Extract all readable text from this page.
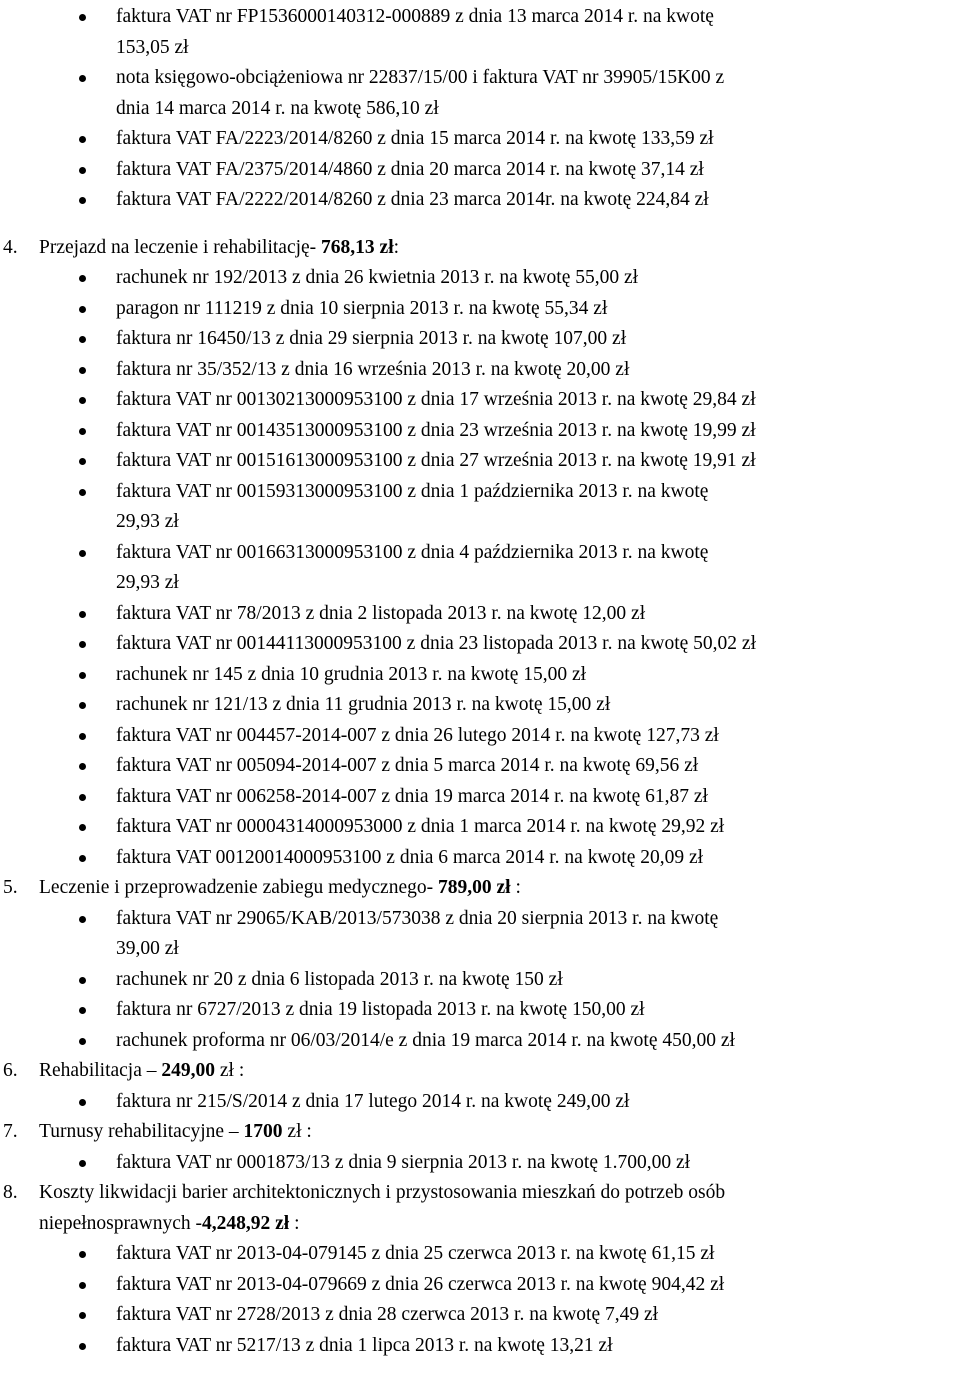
faktura VAT nr FP1536000140312-000889 z dnia 13 marca 2014 r. na kwotę
153,05 zł
nota księgowo-obciążeniowa nr 22837/15/00 i faktura VAT nr 39905/15K00 z
dnia 14 marca 2014 r. na kwotę 586,10 zł
faktura VAT FA/2223/2014/8260 z dnia 15 marca 2014 r. na kwotę 133,59 zł
faktura VAT FA/2375/2014/4860 z dnia 20 marca 2014 r. na kwotę 37,14 zł
faktura VAT FA/2222/2014/8260 z dnia 23 marca 2014r. na kwotę 224,84 zł
4. Przejazd na leczenie i rehabilitację- 768,13 zł:
rachunek nr 192/2013 z dnia 26 kwietnia 2013 r. na kwotę 55,00 zł
paragon nr 111219 z dnia 10 sierpnia 2013 r. na kwotę 55,34 zł
faktura nr 16450/13 z dnia 29 sierpnia 2013 r. na kwotę 107,00 zł
faktura nr 35/352/13 z dnia 16 września 2013 r. na kwotę 20,00 zł
faktura VAT nr 00130213000953100 z dnia 17 września 2013 r. na kwotę 29,84 zł
faktura VAT nr 00143513000953100 z dnia 23 września 2013 r. na kwotę 19,99 zł
faktura VAT nr 00151613000953100 z dnia 27 września 2013 r. na kwotę 19,91 zł
faktura VAT nr 00159313000953100 z dnia 1 października 2013 r. na kwotę
29,93 zł
faktura VAT nr 00166313000953100 z dnia 4 października 2013 r. na kwotę
29,93 zł
faktura VAT nr 78/2013 z dnia 2 listopada 2013 r. na kwotę 12,00 zł
faktura VAT nr 00144113000953100 z dnia 23 listopada 2013 r. na kwotę 50,02 zł
rachunek nr 145 z dnia 10 grudnia 2013 r. na kwotę 15,00 zł
rachunek nr 121/13 z dnia 11 grudnia 2013 r. na kwotę 15,00 zł
faktura VAT nr 004457-2014-007 z dnia 26 lutego 2014 r. na kwotę 127,73 zł
faktura VAT nr 005094-2014-007 z dnia 5 marca 2014 r. na kwotę 69,56 zł
faktura VAT nr 006258-2014-007 z dnia 19 marca 2014 r. na kwotę 61,87 zł
faktura VAT nr 00004314000953000 z dnia 1 marca 2014 r. na kwotę 29,92 zł
faktura VAT 00120014000953100 z dnia 6 marca 2014 r. na kwotę 20,09 zł
5. Leczenie i przeprowadzenie zabiegu medycznego- 789,00 zł :
faktura VAT nr 29065/KAB/2013/573038 z dnia 20 sierpnia 2013 r. na kwotę
39,00 zł
rachunek nr 20 z dnia 6 listopada 2013 r. na kwotę 150 zł
faktura nr 6727/2013 z dnia 19 listopada 2013 r. na kwotę 150,00 zł
rachunek proforma nr 06/03/2014/e z dnia 19 marca 2014 r. na kwotę 450,00 zł
6. Rehabilitacja – 249,00 zł :
faktura nr 215/S/2014 z dnia 17 lutego 2014 r. na kwotę 249,00 zł
7. Turnusy rehabilitacyjne – 1700 zł :
faktura VAT nr 0001873/13 z dnia 9 sierpnia 2013 r. na kwotę 1.700,00 zł
8. Koszty likwidacji barier architektonicznych i przystosowania mieszkań do potrzeb osób
niepełnosprawnych -4,248,92 zł :
faktura VAT nr 2013-04-079145 z dnia 25 czerwca 2013 r. na kwotę 61,15 zł
faktura VAT nr 2013-04-079669 z dnia 26 czerwca 2013 r. na kwotę 904,42 zł
faktura VAT nr 2728/2013 z dnia 28 czerwca 2013 r. na kwotę 7,49 zł
faktura VAT nr 5217/13 z dnia 1 lipca 2013 r. na kwotę 13,21 zł
